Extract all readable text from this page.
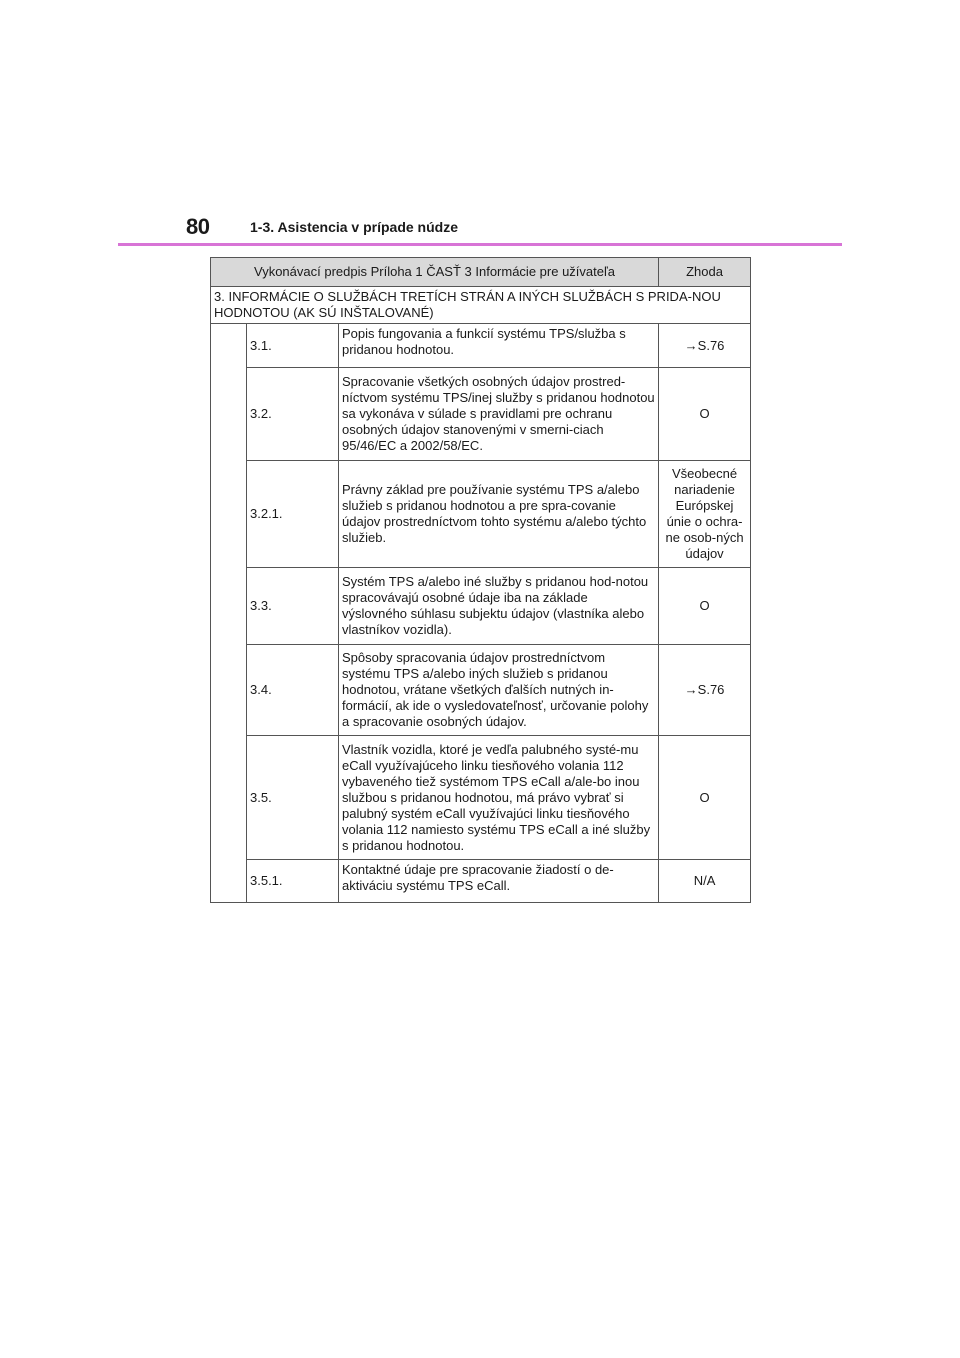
80	1-3. Asistencia v prípade núdze
Vykonávací predpis Príloha 1 ČASŤ 3 Informácie pre užívateľa			Zhoda
3. INFORMÁCIE O SLUŽBÁCH TRETÍCH STRÁN A INÝCH SLUŽBÁCH S PRIDA-NOU HODNOTOU (AK SÚ INŠTALOVANÉ)			
	3.1.	Popis fungovania a funkcií systému TPS/služba s pridanou hodnotou.	→S.76
	3.2.	Spracovanie všetkých osobných údajov prostred-níctvom systému TPS/inej služby s pridanou hodnotou sa vykonáva v súlade s pravidlami pre ochranu osobných údajov stanovenými v smerni-ciach 95/46/EC a 2002/58/EC.	O
	3.2.1.	Právny základ pre používanie systému TPS a/alebo služieb s pridanou hodnotou a pre spra-covanie údajov prostredníctvom tohto systému a/alebo týchto služieb.	Všeobecné nariadenie Európskej únie o ochra-ne osob-ných údajov
	3.3.	Systém TPS a/alebo iné služby s pridanou hod-notou spracovávajú osobné údaje iba na základe výslovného súhlasu subjektu údajov (vlastníka alebo vlastníkov vozidla).	O
	3.4.	Spôsoby spracovania údajov prostredníctvom systému TPS a/alebo iných služieb s pridanou hodnotou, vrátane všetkých ďalších nutných in-formácií, ak ide o vysledovateľnosť, určovanie polohy a spracovanie osobných údajov.	→S.76
	3.5.	Vlastník vozidla, ktoré je vedľa palubného systé-mu eCall využívajúceho linku tiesňového volania 112 vybaveného tiež systémom TPS eCall a/ale-bo inou službou s pridanou hodnotou, má právo vybrať si palubný systém eCall využívajúci linku tiesňového volania 112 namiesto systému TPS eCall a iné služby s pridanou hodnotou.	O
	3.5.1.	Kontaktné údaje pre spracovanie žiadostí o de-aktiváciu systému TPS eCall.	N/A
